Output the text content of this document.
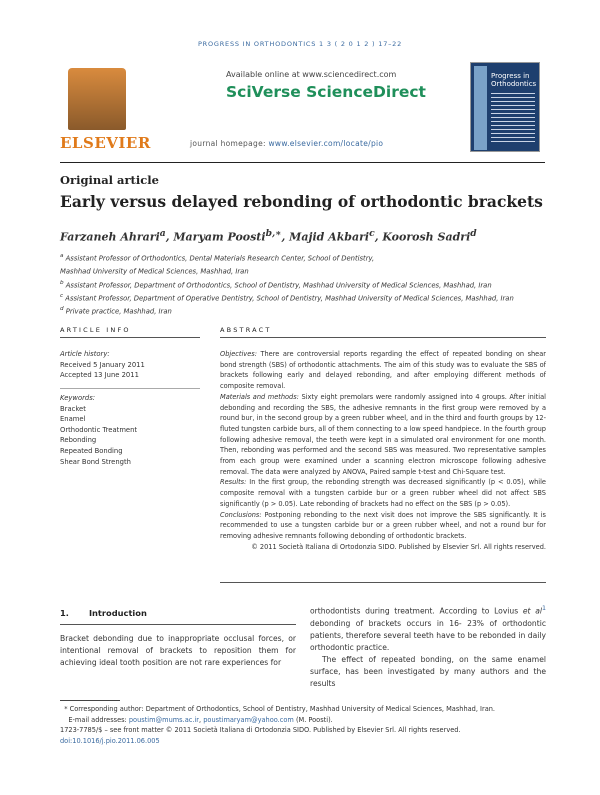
PROGRESS IN ORTHODONTICS 1 3 ( 2 0 1 2 ) 17–22
ELSEVIER
Available online at www.sciencedirect.com
SciVerse ScienceDirect
journal homepage: www.elsevier.com/locate/pio
Progress in Orthodontics
Original article
Early versus delayed rebonding of orthodontic brackets
Farzaneh Ahrari$^a$, Maryam Poosti$^{b,∗}$, Majid Akbari$^c$, Koorosh Sadri$^d$
$^a$ Assistant Professor of Orthodontics, Dental Materials Research Center, School of Dentistry,
Mashhad University of Medical Sciences, Mashhad, Iran
$^b$ Assistant Professor, Department of Orthodontics, School of Dentistry, Mashhad University of Medical Sciences, Mashhad, Iran
$^c$ Assistant Professor, Department of Operative Dentistry, School of Dentistry, Mashhad University of Medical Sciences, Mashhad, Iran
$^d$ Private practice, Mashhad, Iran
ARTICLE INFO	ABSTRACT
Article history:
Received 5 January 2011
Accepted 13 June 2011
Keywords:
Bracket
Enamel
Orthodontic Treatment
Rebonding
Repeated Bonding
Shear Bond Strength
Objectives: There are controversial reports regarding the effect of repeated bonding on shear bond strength (SBS) of orthodontic attachments. The aim of this study was to evaluate the SBS of brackets following early and delayed rebonding, and after employing different methods of composite removal.
Materials and methods: Sixty eight premolars were randomly assigned into 4 groups. After initial debonding and recording the SBS, the adhesive remnants in the first group were removed by a round bur, in the second group by a green rubber wheel, and in the third and fourth groups by 12-fluted tungsten carbide burs, all of them connecting to a low speed handpiece. In the fourth group following adhesive removal, the teeth were kept in a simulated oral environment for one month. Then, rebonding was performed and the second SBS was measured. Two representative samples from each group were examined under a scanning electron microscope following adhesive removal. The data were analyzed by ANOVA, Paired sample t-test and Chi-Square test.
Results: In the first group, the rebonding strength was decreased significantly (p < 0.05), while composite removal with a tungsten carbide bur or a green rubber wheel did not affect SBS significantly (p > 0.05). Late rebonding of brackets had no effect on the SBS (p > 0.05).
Conclusions: Postponing rebonding to the next visit does not improve the SBS significantly. It is recommended to use a tungsten carbide bur or a green rubber wheel, and not a round bur for removing adhesive remnants following debonding of orthodontic brackets.
© 2011 Società Italiana di Ortodonzia SIDO. Published by Elsevier Srl. All rights reserved.
1. Introduction
Bracket debonding due to inappropriate occlusal forces, or intentional removal of brackets to reposition them for achieving ideal tooth position are not rare experiences for
orthodontists during treatment. According to Lovius et $al^1$ debonding of brackets occurs in 16- 23% of orthodontic patients, therefore several teeth have to be rebonded in daily orthodontic practice.
The effect of repeated bonding, on the same enamel surface, has been investigated by many authors and the results
* Corresponding author: Department of Orthodontics, School of Dentistry, Mashhad University of Medical Sciences, Mashhad, Iran.
E-mail addresses: poustim@mums.ac.ir, poustimaryam@yahoo.com (M. Poosti).
1723-7785/$ – see front matter © 2011 Società Italiana di Ortodonzia SIDO. Published by Elsevier Srl. All rights reserved.
doi:10.1016/j.pio.2011.06.005
